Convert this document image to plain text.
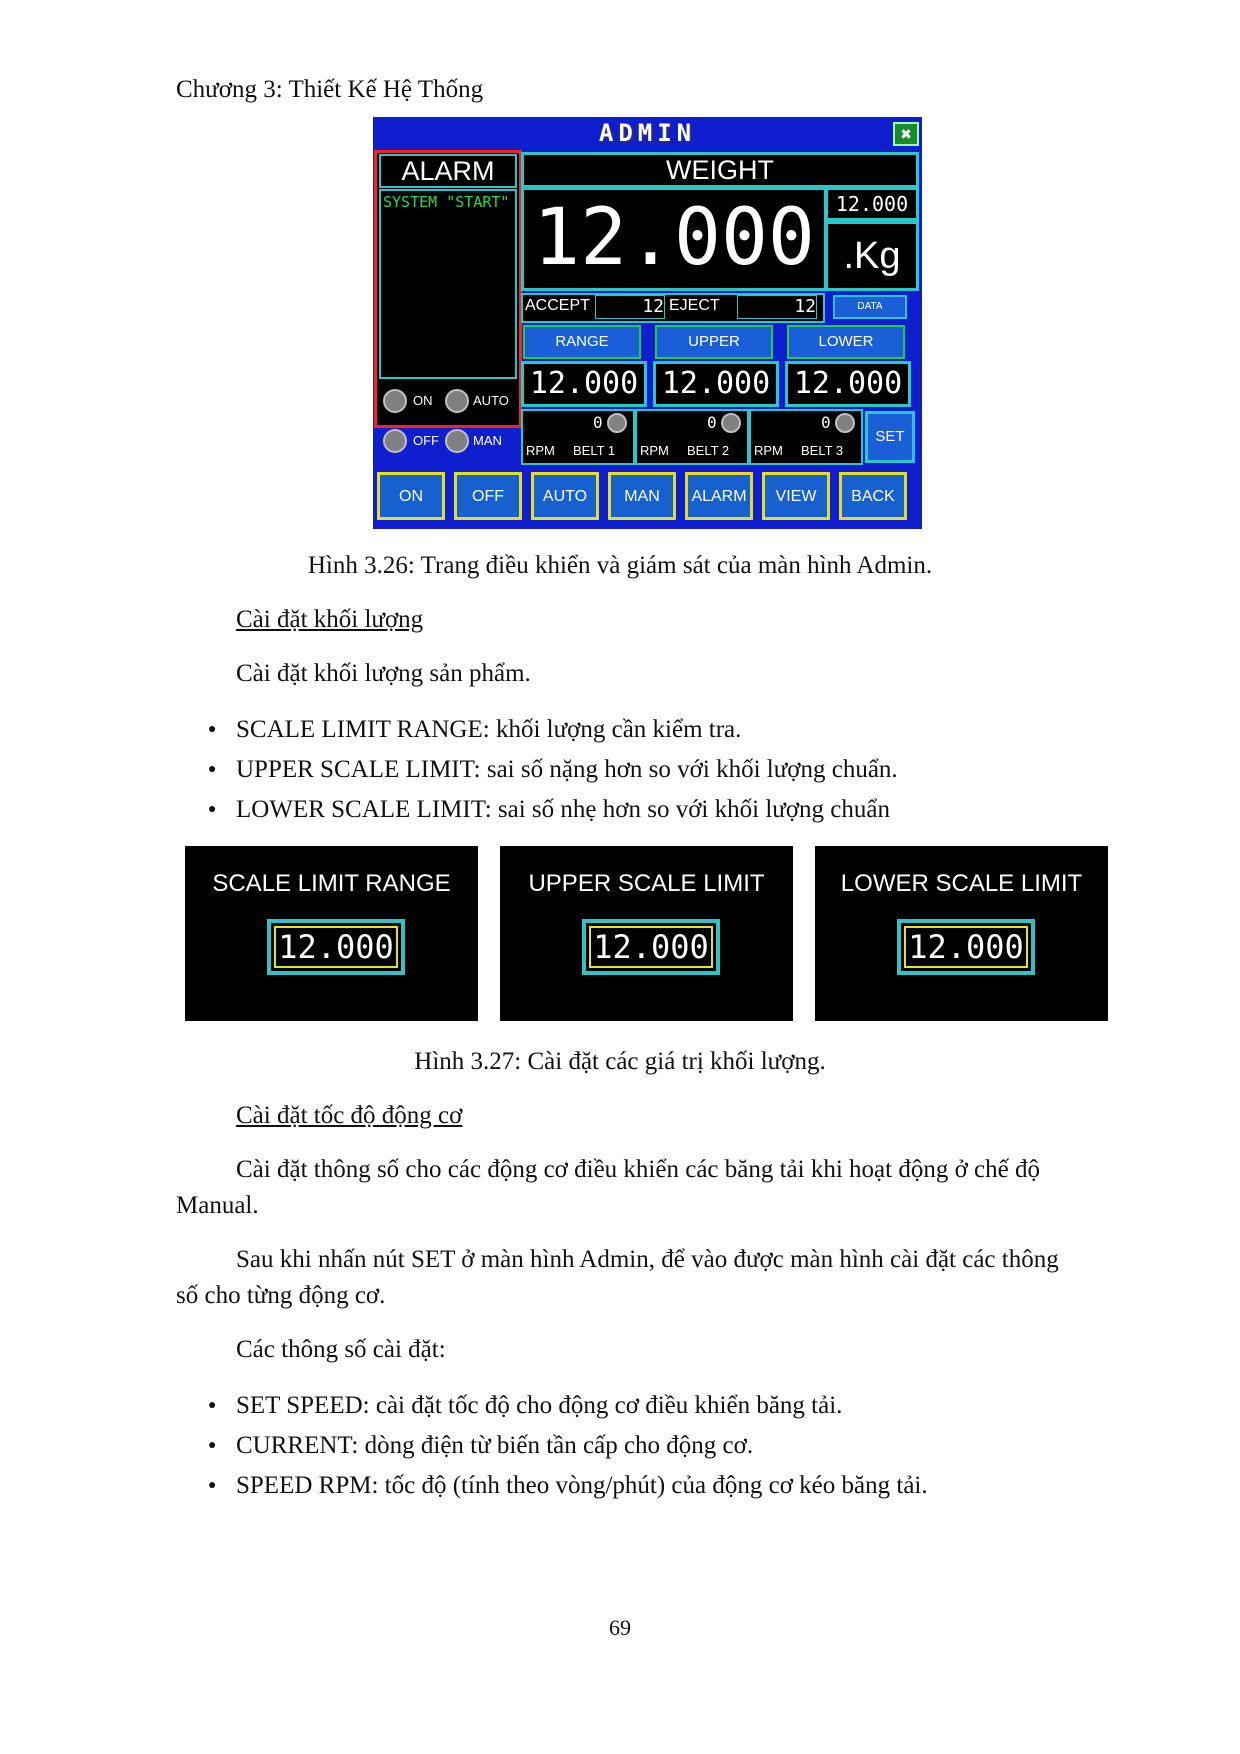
Chương 3: Thiết Kế Hệ Thống
ADMIN	✖
ALARM
SYSTEM "START"
ON	AUTO
OFF	MAN
WEIGHT
12.000	12.000
.Kg
ACCEPT	12 EJECT	12	DATA
RANGE	UPPER	LOWER
12.000 12.000 12.000
0
RPM BELT 1
0
RPM BELT 2
0
RPM BELT 3
SET
ON	OFF	AUTO	MAN	ALARM	VIEW	BACK
Hình 3.26: Trang điều khiển và giám sát của màn hình Admin.
Cài đặt khối lượng
Cài đặt khối lượng sản phẩm.
● SCALE LIMIT RANGE: khối lượng cần kiểm tra.
● UPPER SCALE LIMIT: sai số nặng hơn so với khối lượng chuẩn.
● LOWER SCALE LIMIT: sai số nhẹ hơn so với khối lượng chuẩn
SCALE LIMIT RANGE
12.000
UPPER SCALE LIMIT
12.000
LOWER SCALE LIMIT
12.000
Hình 3.27: Cài đặt các giá trị khối lượng.
Cài đặt tốc độ động cơ
Cài đặt thông số cho các động cơ điều khiển các băng tải khi hoạt động ở chế độ
Manual.
Sau khi nhấn nút SET ở màn hình Admin, để vào được màn hình cài đặt các thông
số cho từng động cơ.
Các thông số cài đặt:
● SET SPEED: cài đặt tốc độ cho động cơ điều khiển băng tải.
● CURRENT: dòng điện từ biến tần cấp cho động cơ.
● SPEED RPM: tốc độ (tính theo vòng/phút) của động cơ kéo băng tải.
69
